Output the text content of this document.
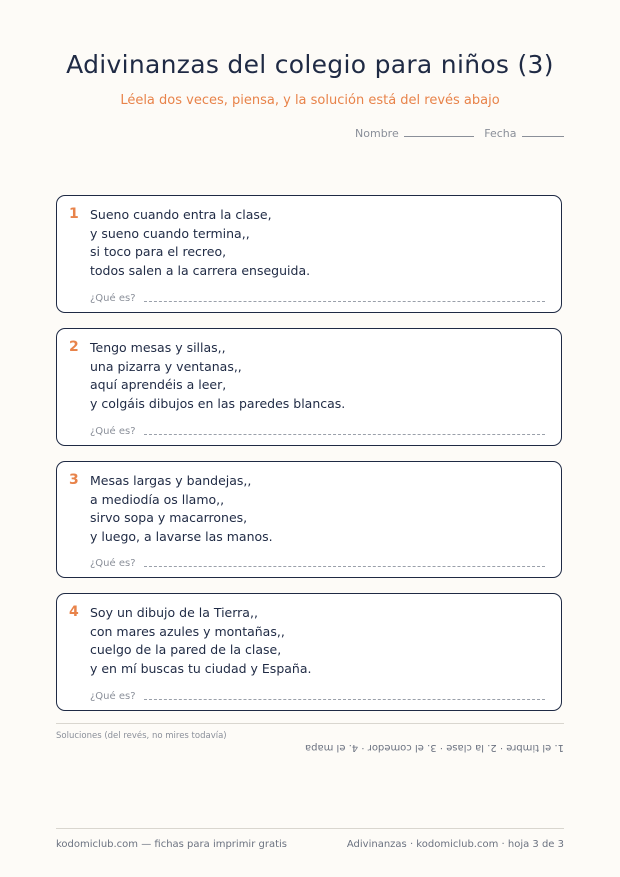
Adivinanzas del colegio para niños (3)
Léela dos veces, piensa, y la solución está del revés abajo
Nombre	Fecha
1 Sueno cuando entra la clase,
y sueno cuando termina,,
si toco para el recreo,
todos salen a la carrera enseguida.
¿Qué es?
2 Tengo mesas y sillas,,
una pizarra y ventanas,,
aquí aprendéis a leer,
y colgáis dibujos en las paredes blancas.
¿Qué es?
3 Mesas largas y bandejas,,
a mediodía os llamo,,
sirvo sopa y macarrones,
y luego, a lavarse las manos.
¿Qué es?
4 Soy un dibujo de la Tierra,,
con mares azules y montañas,,
cuelgo de la pared de la clase,
y en mí buscas tu ciudad y España.
¿Qué es?
Soluciones (del revés, no mires todavía)
1. el timbre · 2. la clase · 3. el comedor · 4. el mapa
kodomiclub.com — fichas para imprimir gratis	Adivinanzas · kodomiclub.com · hoja 3 de 3
